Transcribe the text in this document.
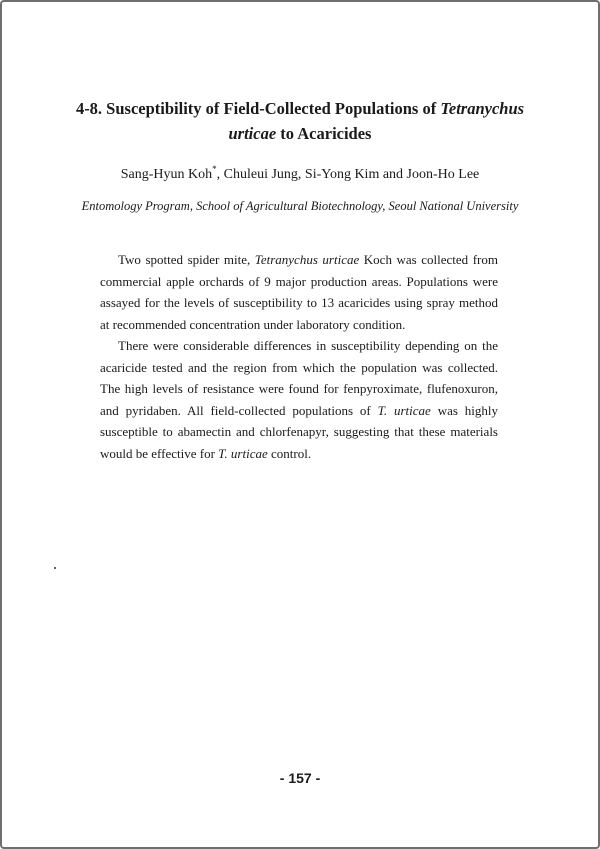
4-8. Susceptibility of Field-Collected Populations of Tetranychus
urticae to Acaricides
Sang-Hyun Koh*, Chuleui Jung, Si-Yong Kim and Joon-Ho Lee
Entomology Program, School of Agricultural Biotechnology, Seoul National University

Two spotted spider mite, Tetranychus urticae Koch was collected from commercial apple orchards of 9 major production areas. Populations were assayed for the levels of susceptibility to 13 acaricides using spray method at recommended concentration under laboratory condition.

There were considerable differences in susceptibility depending on the acaricide tested and the region from which the population was collected. The high levels of resistance were found for fenpyroximate, flufenoxuron, and pyridaben. All field-collected populations of T. urticae was highly susceptible to abamectin and chlorfenapyr, suggesting that these materials would be effective for T. urticae control.

- 157 -
